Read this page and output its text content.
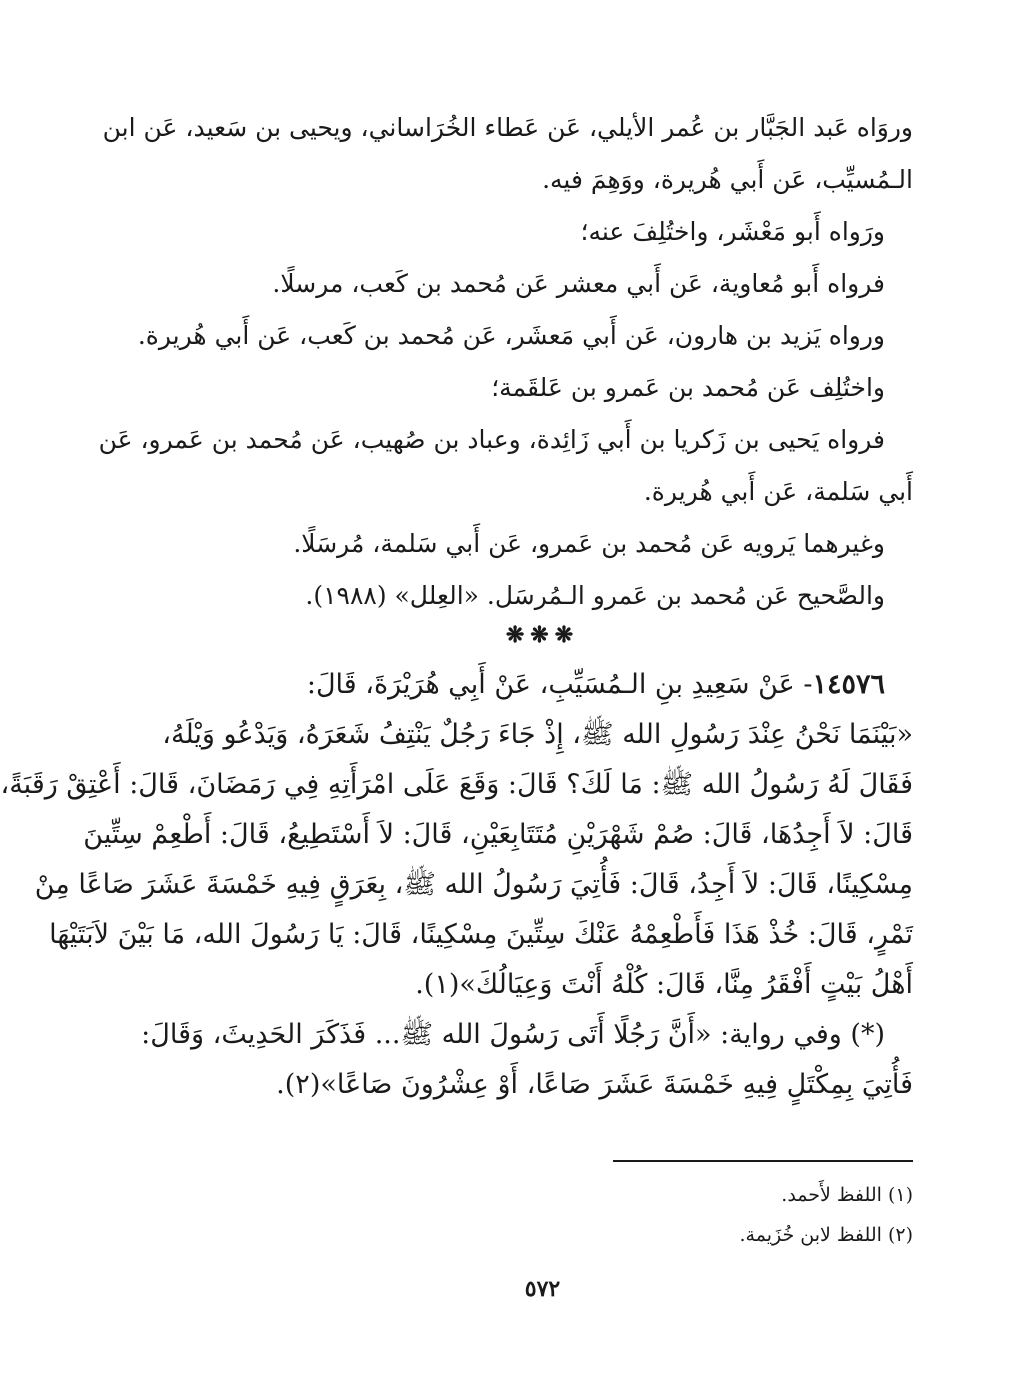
وروَاه عَبد الجَبَّار بن عُمر الأيلي، عَن عَطاء الخُرَاساني، ويحيى بن سَعيد، عَن ابن
الـمُسيِّب، عَن أَبي هُريرة، ووَهِمَ فيه.
ورَواه أَبو مَعْشَر، واختُلِفَ عنه؛
فرواه أَبو مُعاوية، عَن أَبي معشر عَن مُحمد بن كَعب، مرسلًا.
ورواه يَزيد بن هارون، عَن أَبي مَعشَر، عَن مُحمد بن كَعب، عَن أَبي هُريرة.
واختُلِف عَن مُحمد بن عَمرو بن عَلقَمة؛
فرواه يَحيى بن زَكريا بن أَبي زَائِدة، وعباد بن صُهيب، عَن مُحمد بن عَمرو، عَن
أَبي سَلمة، عَن أَبي هُريرة.
وغيرهما يَرويه عَن مُحمد بن عَمرو، عَن أَبي سَلمة، مُرسَلًا.
والصَّحيح عَن مُحمد بن عَمرو الـمُرسَل. «العِلل» (١٩٨٨).
❋❋❋
١٤٥٧٦- عَنْ سَعِيدِ بنِ الـمُسَيِّبِ، عَنْ أَبِي هُرَيْرَةَ، قَالَ:
«بَيْنَمَا نَحْنُ عِنْدَ رَسُولِ الله ﷺ، إِذْ جَاءَ رَجُلٌ يَنْتِفُ شَعَرَهُ، وَيَدْعُو وَيْلَهُ،
فَقَالَ لَهُ رَسُولُ الله ﷺ: مَا لَكَ؟ قَالَ: وَقَعَ عَلَى امْرَأَتِهِ فِي رَمَضَانَ، قَالَ: أَعْتِقْ رَقَبَةً،
قَالَ: لاَ أَجِدُهَا، قَالَ: صُمْ شَهْرَيْنِ مُتَتَابِعَيْنِ، قَالَ: لاَ أَسْتَطِيعُ، قَالَ: أَطْعِمْ سِتِّينَ
مِسْكِينًا، قَالَ: لاَ أَجِدُ، قَالَ: فَأُتِيَ رَسُولُ الله ﷺ، بِعَرَقٍ فِيهِ خَمْسَةَ عَشَرَ صَاعًا مِنْ
تَمْرٍ، قَالَ: خُذْ هَذَا فَأَطْعِمْهُ عَنْكَ سِتِّينَ مِسْكِينًا، قَالَ: يَا رَسُولَ الله، مَا بَيْنَ لاَبَتَيْهَا
أَهْلُ بَيْتٍ أَفْقَرُ مِنَّا، قَالَ: كُلْهُ أَنْتَ وَعِيَالُكَ»(١).
(*) وفي رواية: «أَنَّ رَجُلًا أَتَى رَسُولَ الله ﷺ... فَذَكَرَ الحَدِيثَ، وَقَالَ:
فَأُتِيَ بِمِكْتَلٍ فِيهِ خَمْسَةَ عَشَرَ صَاعًا، أَوْ عِشْرُونَ صَاعًا»(٢).
(١) اللفظ لأَحمد.
(٢) اللفظ لابن خُزَيمة.
٥٧٢
